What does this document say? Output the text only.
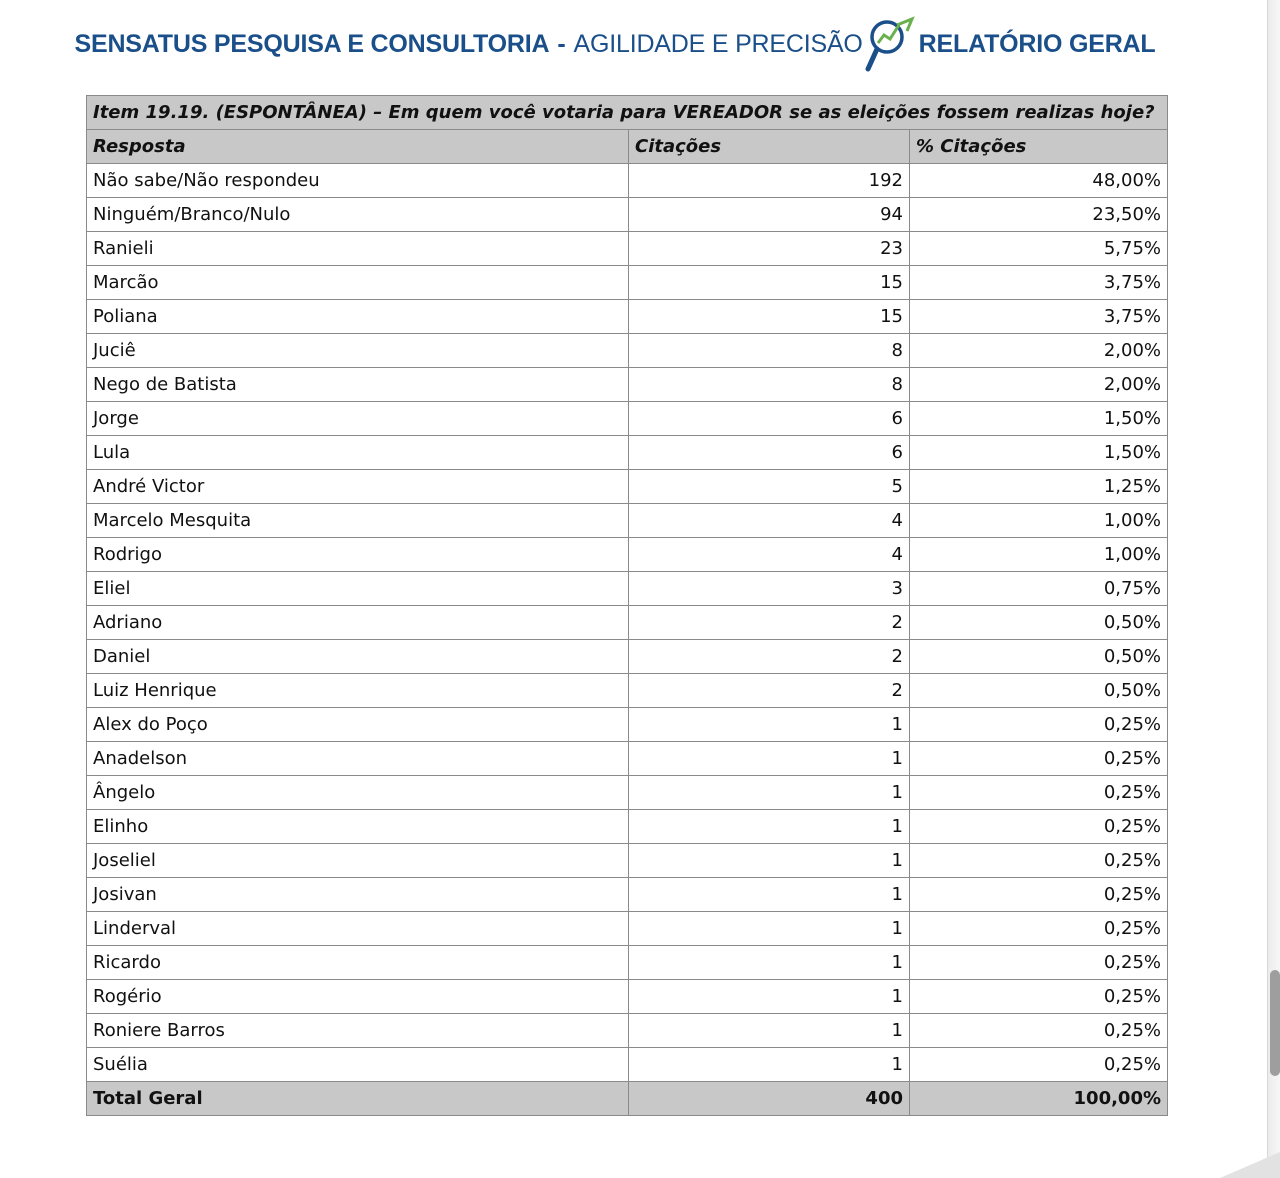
SENSATUS PESQUISA E CONSULTORIA - AGILIDADE E PRECISÃO RELATÓRIO GERAL
Item 19.19. (ESPONTÂNEA) – Em quem você votaria para VEREADOR se as eleições fossem realizas hoje?		
Resposta	Citações	% Citações
Não sabe/Não respondeu	192	48,00%
Ninguém/Branco/Nulo	94	23,50%
Ranieli	23	5,75%
Marcão	15	3,75%
Poliana	15	3,75%
Juciê	8	2,00%
Nego de Batista	8	2,00%
Jorge	6	1,50%
Lula	6	1,50%
André Victor	5	1,25%
Marcelo Mesquita	4	1,00%
Rodrigo	4	1,00%
Eliel	3	0,75%
Adriano	2	0,50%
Daniel	2	0,50%
Luiz Henrique	2	0,50%
Alex do Poço	1	0,25%
Anadelson	1	0,25%
Ângelo	1	0,25%
Elinho	1	0,25%
Joseliel	1	0,25%
Josivan	1	0,25%
Linderval	1	0,25%
Ricardo	1	0,25%
Rogério	1	0,25%
Roniere Barros	1	0,25%
Suélia	1	0,25%
Total Geral	400	100,00%
